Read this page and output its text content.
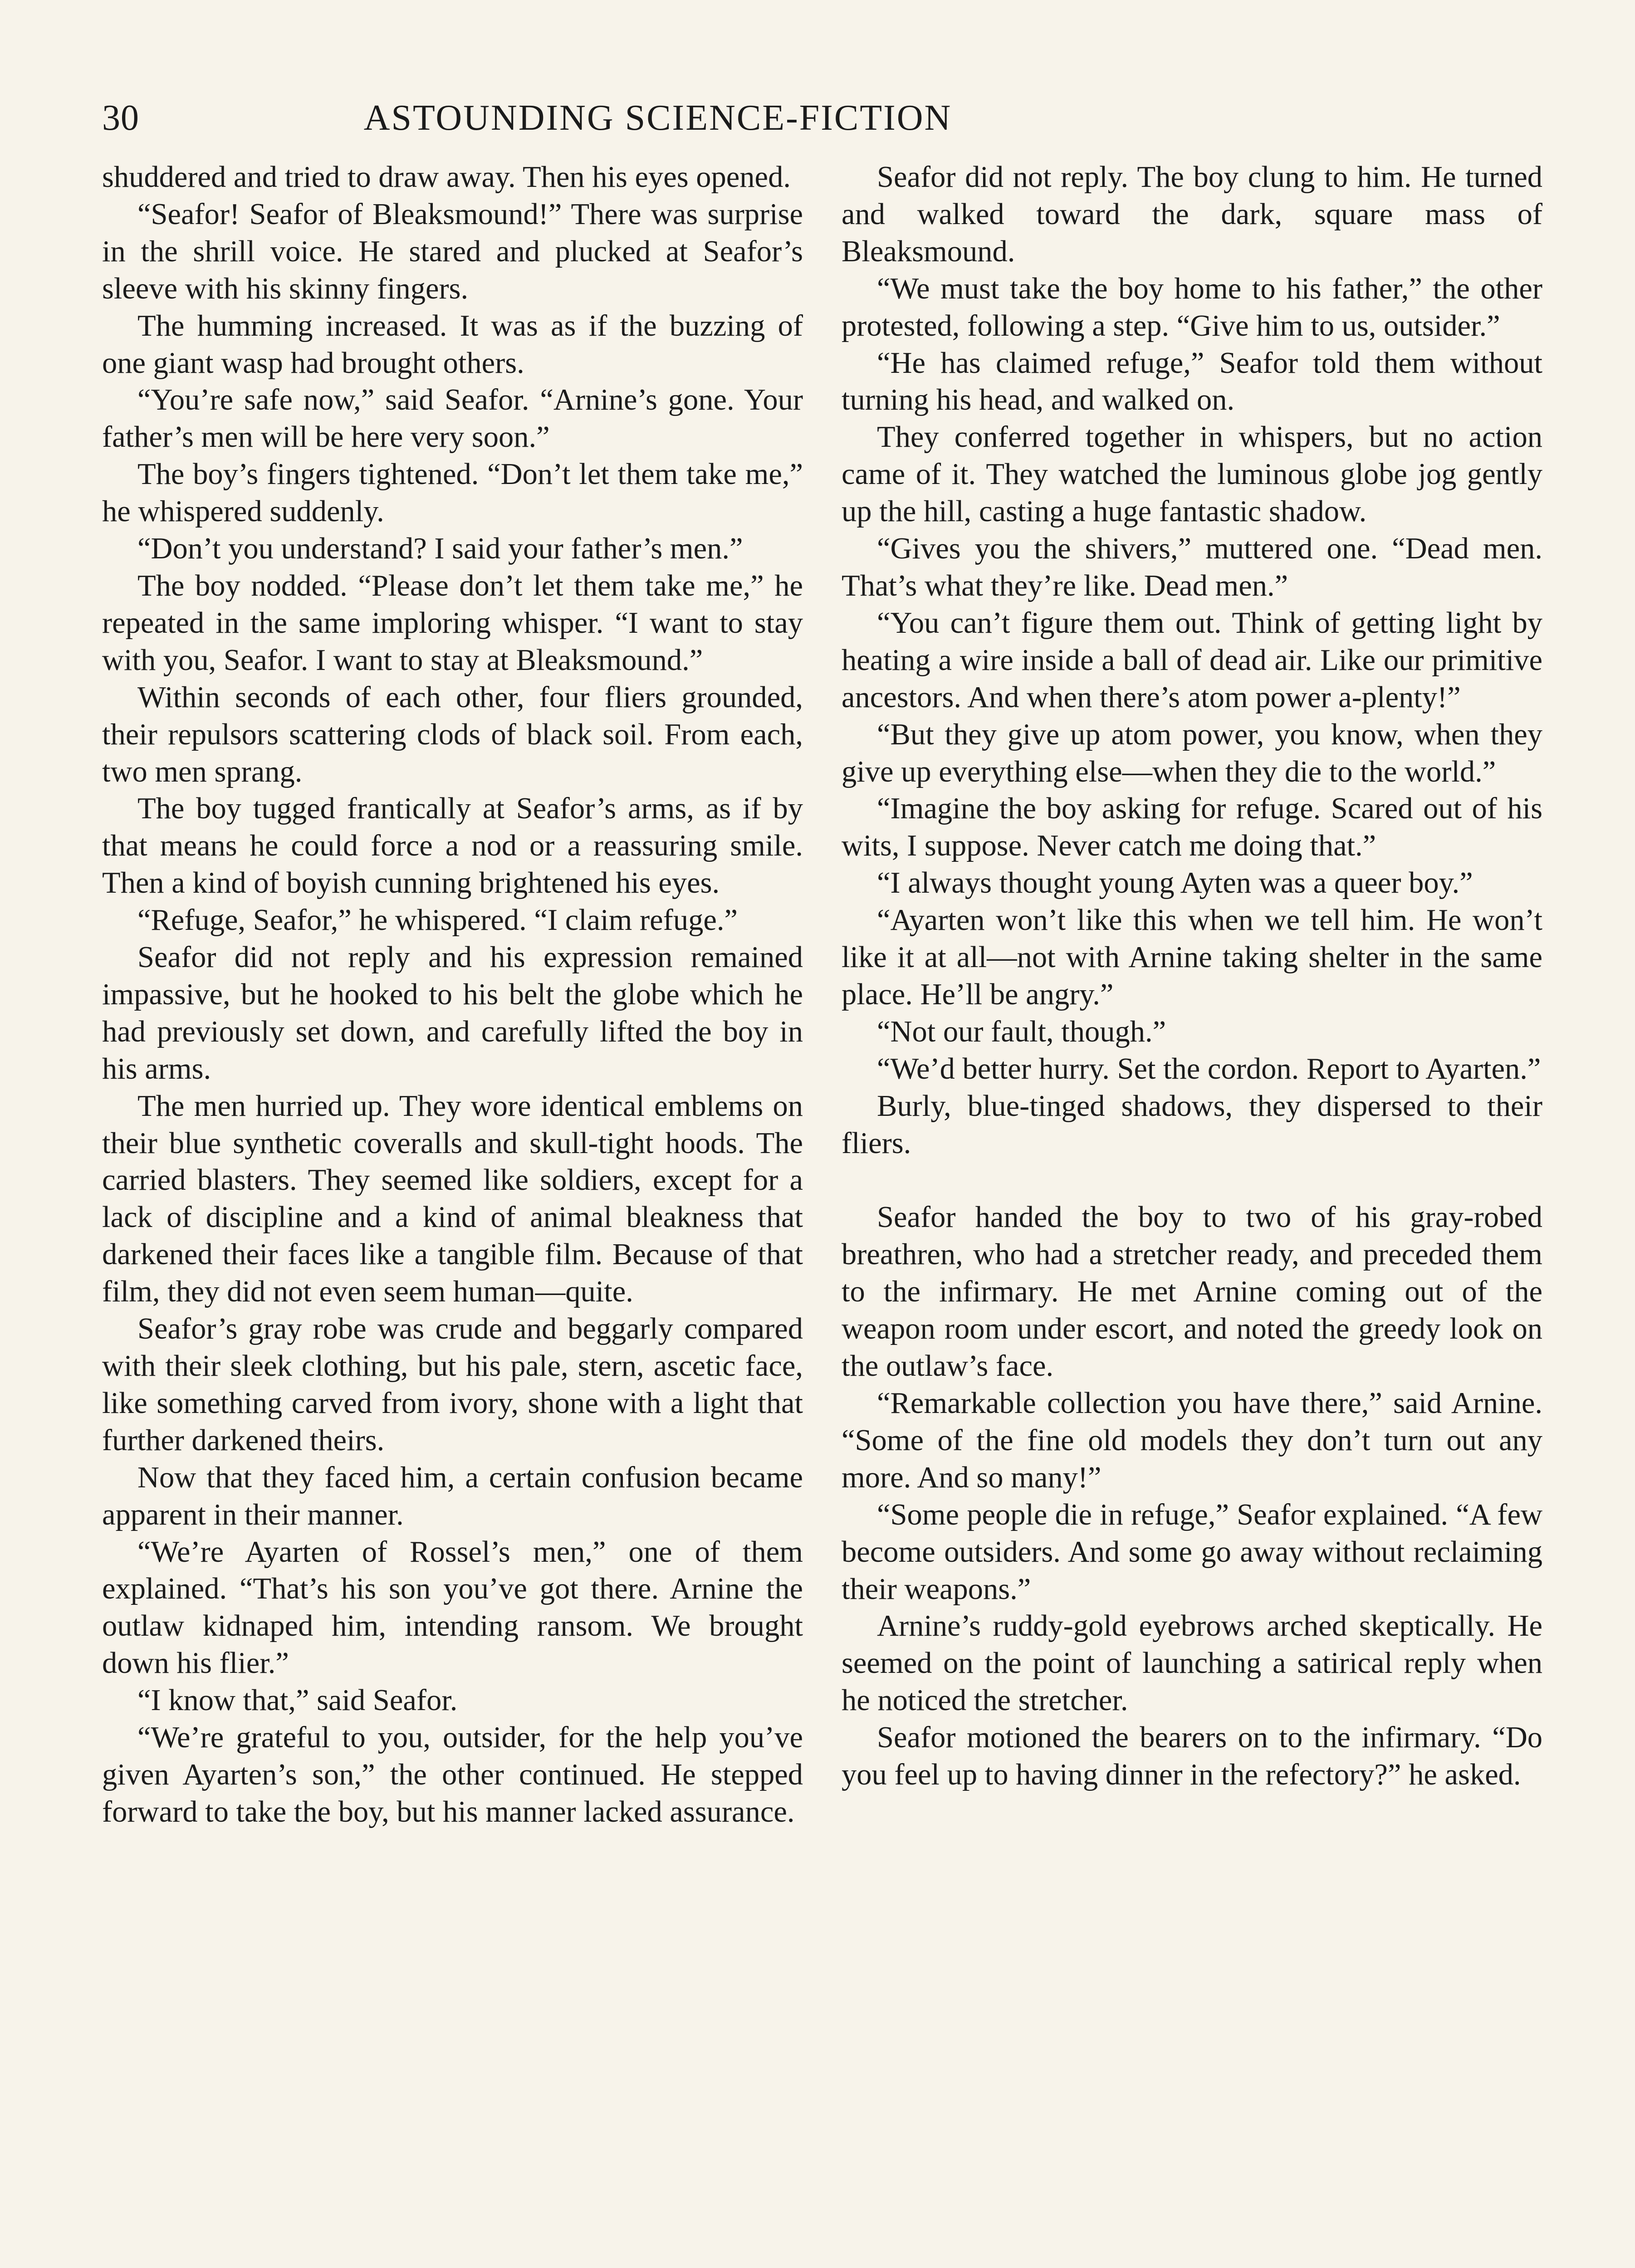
30	ASTOUNDING SCIENCE-FICTION

shuddered and tried to draw away. Then his eyes opened.

“Seafor! Seafor of Bleaksmound!” There was surprise in the shrill voice. He stared and plucked at Seafor’s sleeve with his skinny fingers.

The humming increased. It was as if the buzzing of one giant wasp had brought others.

“You’re safe now,” said Seafor. “Arnine’s gone. Your father’s men will be here very soon.”

The boy’s fingers tightened. “Don’t let them take me,” he whispered suddenly.

“Don’t you understand? I said your father’s men.”

The boy nodded. “Please don’t let them take me,” he repeated in the same imploring whisper. “I want to stay with you, Seafor. I want to stay at Bleaksmound.”

Within seconds of each other, four fliers grounded, their repulsors scattering clods of black soil. From each, two men sprang.

The boy tugged frantically at Seafor’s arms, as if by that means he could force a nod or a reassuring smile. Then a kind of boyish cunning brightened his eyes.

“Refuge, Seafor,” he whispered. “I claim refuge.”

Seafor did not reply and his expression remained impassive, but he hooked to his belt the globe which he had previously set down, and carefully lifted the boy in his arms.

The men hurried up. They wore identical emblems on their blue synthetic coveralls and skull-tight hoods. The carried blasters. They seemed like soldiers, except for a lack of discipline and a kind of animal bleakness that darkened their faces like a tangible film. Because of that film, they did not even seem human—quite.

Seafor’s gray robe was crude and beggarly compared with their sleek clothing, but his pale, stern, ascetic face, like something carved from ivory, shone with a light that further darkened theirs.

Now that they faced him, a certain confusion became apparent in their manner.

“We’re Ayarten of Rossel’s men,” one of them explained. “That’s his son you’ve got there. Arnine the outlaw kidnaped him, intending ransom. We brought down his flier.”

“I know that,” said Seafor.

“We’re grateful to you, outsider, for the help you’ve given Ayarten’s son,” the other continued. He stepped forward to take the boy, but his manner lacked assurance.

Seafor did not reply. The boy clung to him. He turned and walked toward the dark, square mass of Bleaksmound.

“We must take the boy home to his father,” the other protested, following a step. “Give him to us, outsider.”

“He has claimed refuge,” Seafor told them without turning his head, and walked on.

They conferred together in whispers, but no action came of it. They watched the luminous globe jog gently up the hill, casting a huge fantastic shadow.

“Gives you the shivers,” muttered one. “Dead men. That’s what they’re like. Dead men.”

“You can’t figure them out. Think of getting light by heating a wire inside a ball of dead air. Like our primitive ancestors. And when there’s atom power a-plenty!”

“But they give up atom power, you know, when they give up everything else—when they die to the world.”

“Imagine the boy asking for refuge. Scared out of his wits, I suppose. Never catch me doing that.”

“I always thought young Ayten was a queer boy.”

“Ayarten won’t like this when we tell him. He won’t like it at all—not with Arnine taking shelter in the same place. He’ll be angry.”

“Not our fault, though.”

“We’d better hurry. Set the cordon. Report to Ayarten.”

Burly, blue-tinged shadows, they dispersed to their fliers.

Seafor handed the boy to two of his gray-robed breathren, who had a stretcher ready, and preceded them to the infirmary. He met Arnine coming out of the weapon room under escort, and noted the greedy look on the outlaw’s face.

“Remarkable collection you have there,” said Arnine. “Some of the fine old models they don’t turn out any more. And so many!”

“Some people die in refuge,” Seafor explained. “A few become outsiders. And some go away without reclaiming their weapons.”

Arnine’s ruddy-gold eyebrows arched skeptically. He seemed on the point of launching a satirical reply when he noticed the stretcher.

Seafor motioned the bearers on to the infirmary. “Do you feel up to having dinner in the refectory?” he asked.
